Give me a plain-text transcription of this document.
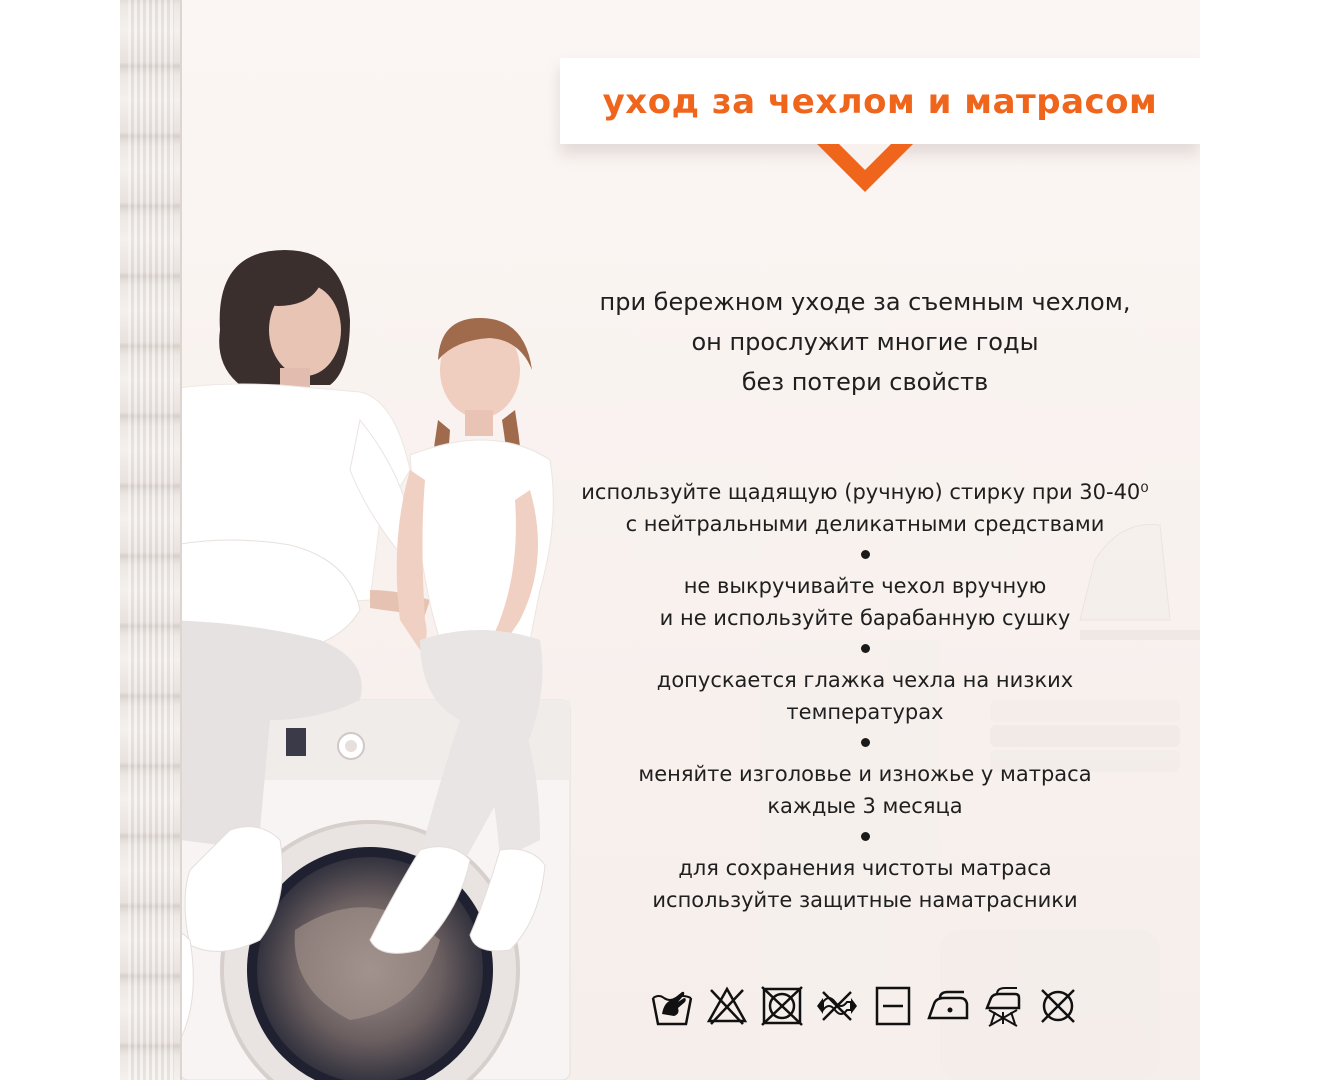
уход за чехлом и матрасом
при бережном уходе за съемным чехлом,
он прослужит многие годы
без потери свойств
используйте щадящую (ручную) стирку при 30-40⁰
с нейтральными деликатными средствами
не выкручивайте чехол вручную
и не используйте барабанную сушку
допускается глажка чехла на низких
температурах
меняйте изголовье и изножье у матраса
каждые 3 месяца
для сохранения чистоты матраса
используйте защитные наматрасники
